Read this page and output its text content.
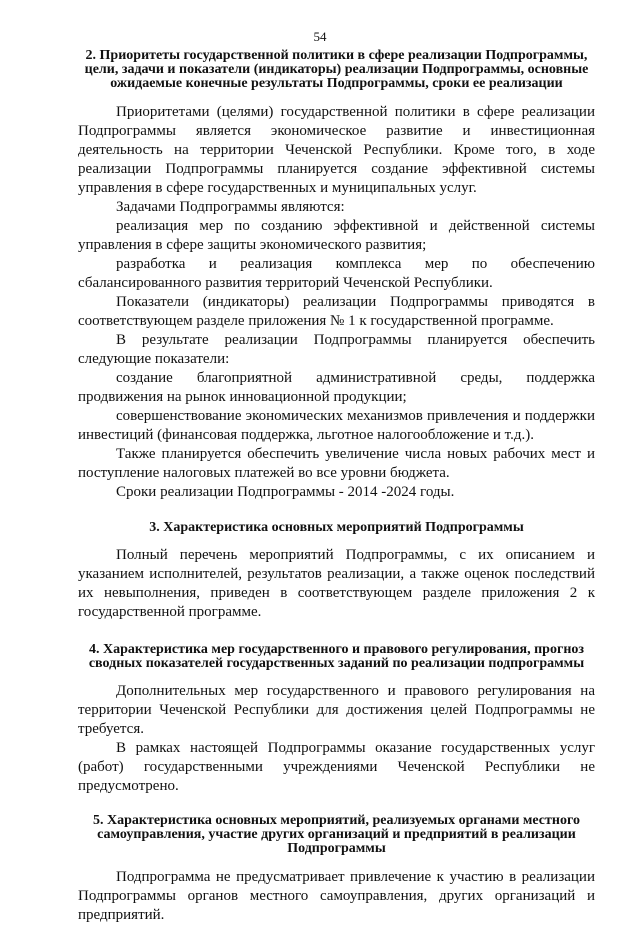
54
2. Приоритеты государственной политики в сфере реализации Подпрограммы, цели, задачи и показатели (индикаторы) реализации Подпрограммы, основные ожидаемые конечные результаты Подпрограммы, сроки ее реализации

Приоритетами (целями) государственной политики в сфере реализации Подпрограммы является экономическое развитие и инвестиционная деятельность на территории Чеченской Республики. Кроме того, в ходе реализации Подпрограммы планируется создание эффективной системы управления в сфере государственных и муниципальных услуг.

Задачами Подпрограммы являются:

реализация мер по созданию эффективной и действенной системы управления в сфере защиты экономического развития;

разработка и реализация комплекса мер по обеспечению сбалансированного развития территорий Чеченской Республики.

Показатели (индикаторы) реализации Подпрограммы приводятся в соответствующем разделе приложения № 1 к государственной программе.

В результате реализации Подпрограммы планируется обеспечить следующие показатели:

создание благоприятной административной среды, поддержка продвижения на рынок инновационной продукции;

совершенствование экономических механизмов привлечения и поддержки инвестиций (финансовая поддержка, льготное налогообложение и т.д.).

Также планируется обеспечить увеличение числа новых рабочих мест и поступление налоговых платежей во все уровни бюджета.

Сроки реализации Подпрограммы - 2014 -2024 годы.

3. Характеристика основных мероприятий Подпрограммы

Полный перечень мероприятий Подпрограммы, с их описанием и указанием исполнителей, результатов реализации, а также оценок последствий их невыполнения, приведен в соответствующем разделе приложения 2 к государственной программе.

4. Характеристика мер государственного и правового регулирования, прогноз сводных показателей государственных заданий по реализации подпрограммы

Дополнительных мер государственного и правового регулирования на территории Чеченской Республики для достижения целей Подпрограммы не требуется.

В рамках настоящей Подпрограммы оказание государственных услуг (работ) государственными учреждениями Чеченской Республики не предусмотрено.

5. Характеристика основных мероприятий, реализуемых органами местного самоуправления, участие других организаций и предприятий в реализации Подпрограммы

Подпрограмма не предусматривает привлечение к участию в реализации Подпрограммы органов местного самоуправления, других организаций и предприятий.
